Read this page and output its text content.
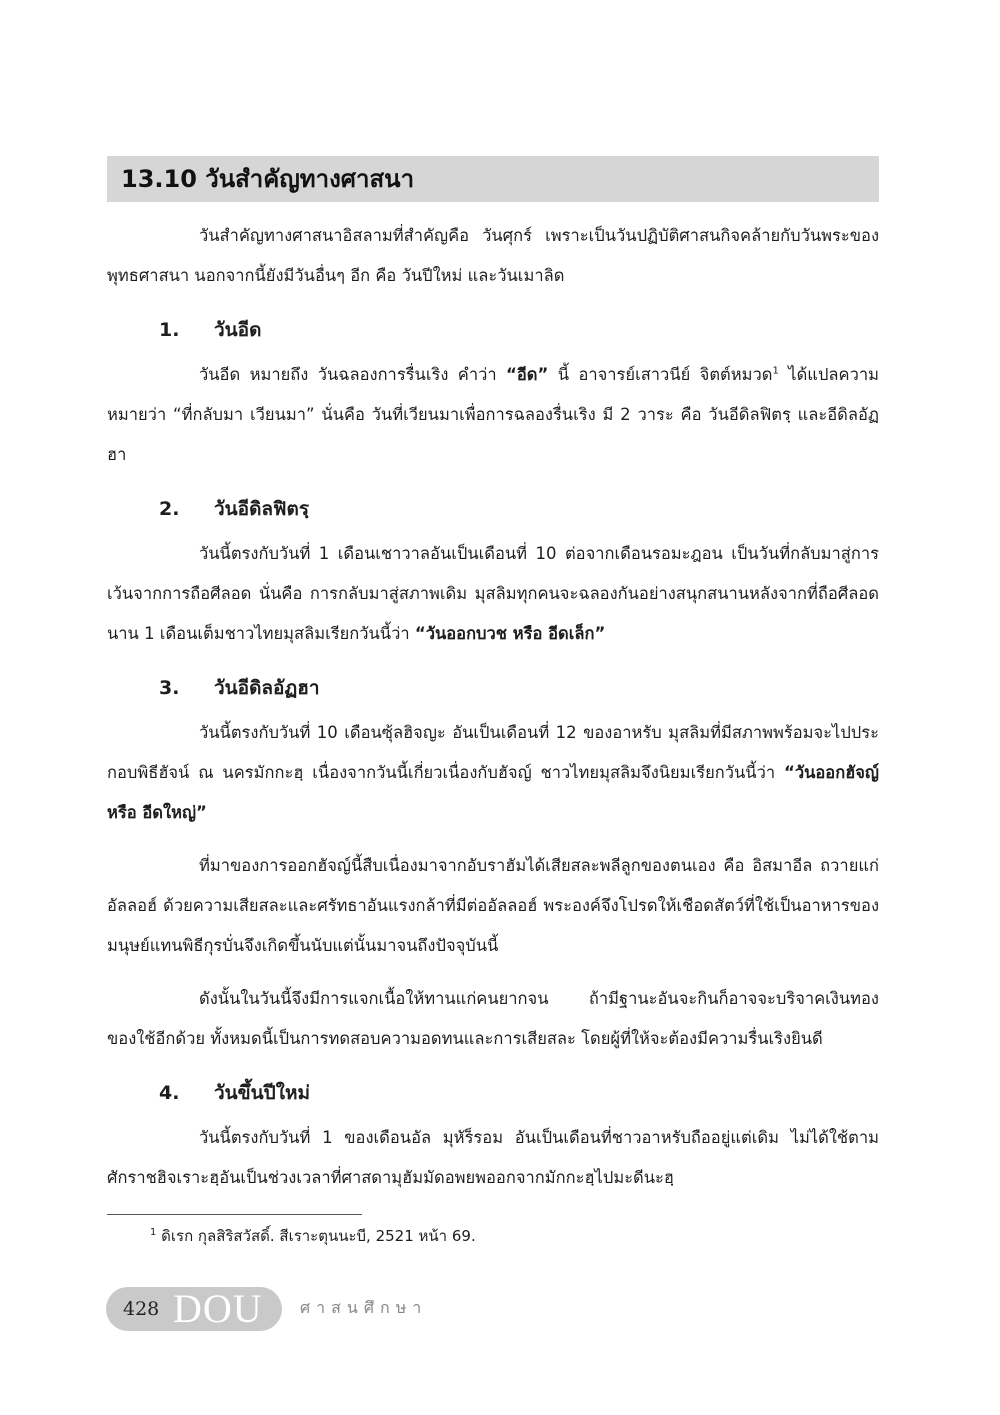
13.10 วันสำคัญทางศาสนา

วันสำคัญทางศาสนาอิสลามที่สำคัญคือ วันศุกร์ เพราะเป็นวันปฏิบัติศาสนกิจคล้ายกับวันพระของพุทธศาสนา นอกจากนี้ยังมีวันอื่นๆ อีก คือ วันปีใหม่ และวันเมาลิด

1. วันอีด

วันอีด หมายถึง วันฉลองการรื่นเริง คำว่า “อีด” นี้ อาจารย์เสาวนีย์ จิตต์หมวด$^1$ ได้แปลความหมายว่า “ที่กลับมา เวียนมา” นั่นคือ วันที่เวียนมาเพื่อการฉลองรื่นเริง มี 2 วาระ คือ วันอีดิลฟิตรฺ และอีดิลอัฏฮา

2. วันอีดิลฟิตรฺ

วันนี้ตรงกับวันที่ 1 เดือนเชาวาลอันเป็นเดือนที่ 10 ต่อจากเดือนรอมะฎอน เป็นวันที่กลับมาสู่การเว้นจากการถือศีลอด นั่นคือ การกลับมาสู่สภาพเดิม มุสลิมทุกคนจะฉลองกันอย่างสนุกสนานหลังจากที่ถือศีลอดนาน 1 เดือนเต็มชาวไทยมุสลิมเรียกวันนี้ว่า “วันออกบวช หรือ อีดเล็ก”

3. วันอีดิลอัฏฮา

วันนี้ตรงกับวันที่ 10 เดือนซุ้ลฮิจญะ อันเป็นเดือนที่ 12 ของอาหรับ มุสลิมที่มีสภาพพร้อมจะไปประกอบพิธีฮัจน์ ณ นครมักกะฮฺ เนื่องจากวันนี้เกี่ยวเนื่องกับฮัจญ์ ชาวไทยมุสลิมจึงนิยมเรียกวันนี้ว่า “วันออกฮัจญ์ หรือ อีดใหญ่”

ที่มาของการออกฮัจญ์นี้สืบเนื่องมาจากอับราฮัมได้เสียสละพลีลูกของตนเอง คือ อิสมาอีล ถวายแก่อัลลอฮ์ ด้วยความเสียสละและศรัทธาอันแรงกล้าที่มีต่ออัลลอฮ์ พระองค์จึงโปรดให้เชือดสัตว์ที่ใช้เป็นอาหารของมนุษย์แทนพิธีกุรบั่นจึงเกิดขึ้นนับแต่นั้นมาจนถึงปัจจุบันนี้

ดังนั้นในวันนี้จึงมีการแจกเนื้อให้ทานแก่คนยากจน ถ้ามีฐานะอันจะกินก็อาจจะบริจาคเงินทองของใช้อีกด้วย ทั้งหมดนี้เป็นการทดสอบความอดทนและการเสียสละ โดยผู้ที่ให้จะต้องมีความรื่นเริงยินดี

4. วันขึ้นปีใหม่

วันนี้ตรงกับวันที่ 1 ของเดือนอัล มุหัร็รอม อันเป็นเดือนที่ชาวอาหรับถืออยู่แต่เดิม ไม่ได้ใช้ตามศักราชฮิจเราะฮฺอันเป็นช่วงเวลาที่ศาสดามุฮัมมัดอพยพออกจากมักกะฮฺไปมะดีนะฮฺ

$^1$ ดิเรก กุลสิริสวัสดิ์. สีเราะตุนนะบี, 2521 หน้า 69.
428 DOU ศาสนศึกษา
